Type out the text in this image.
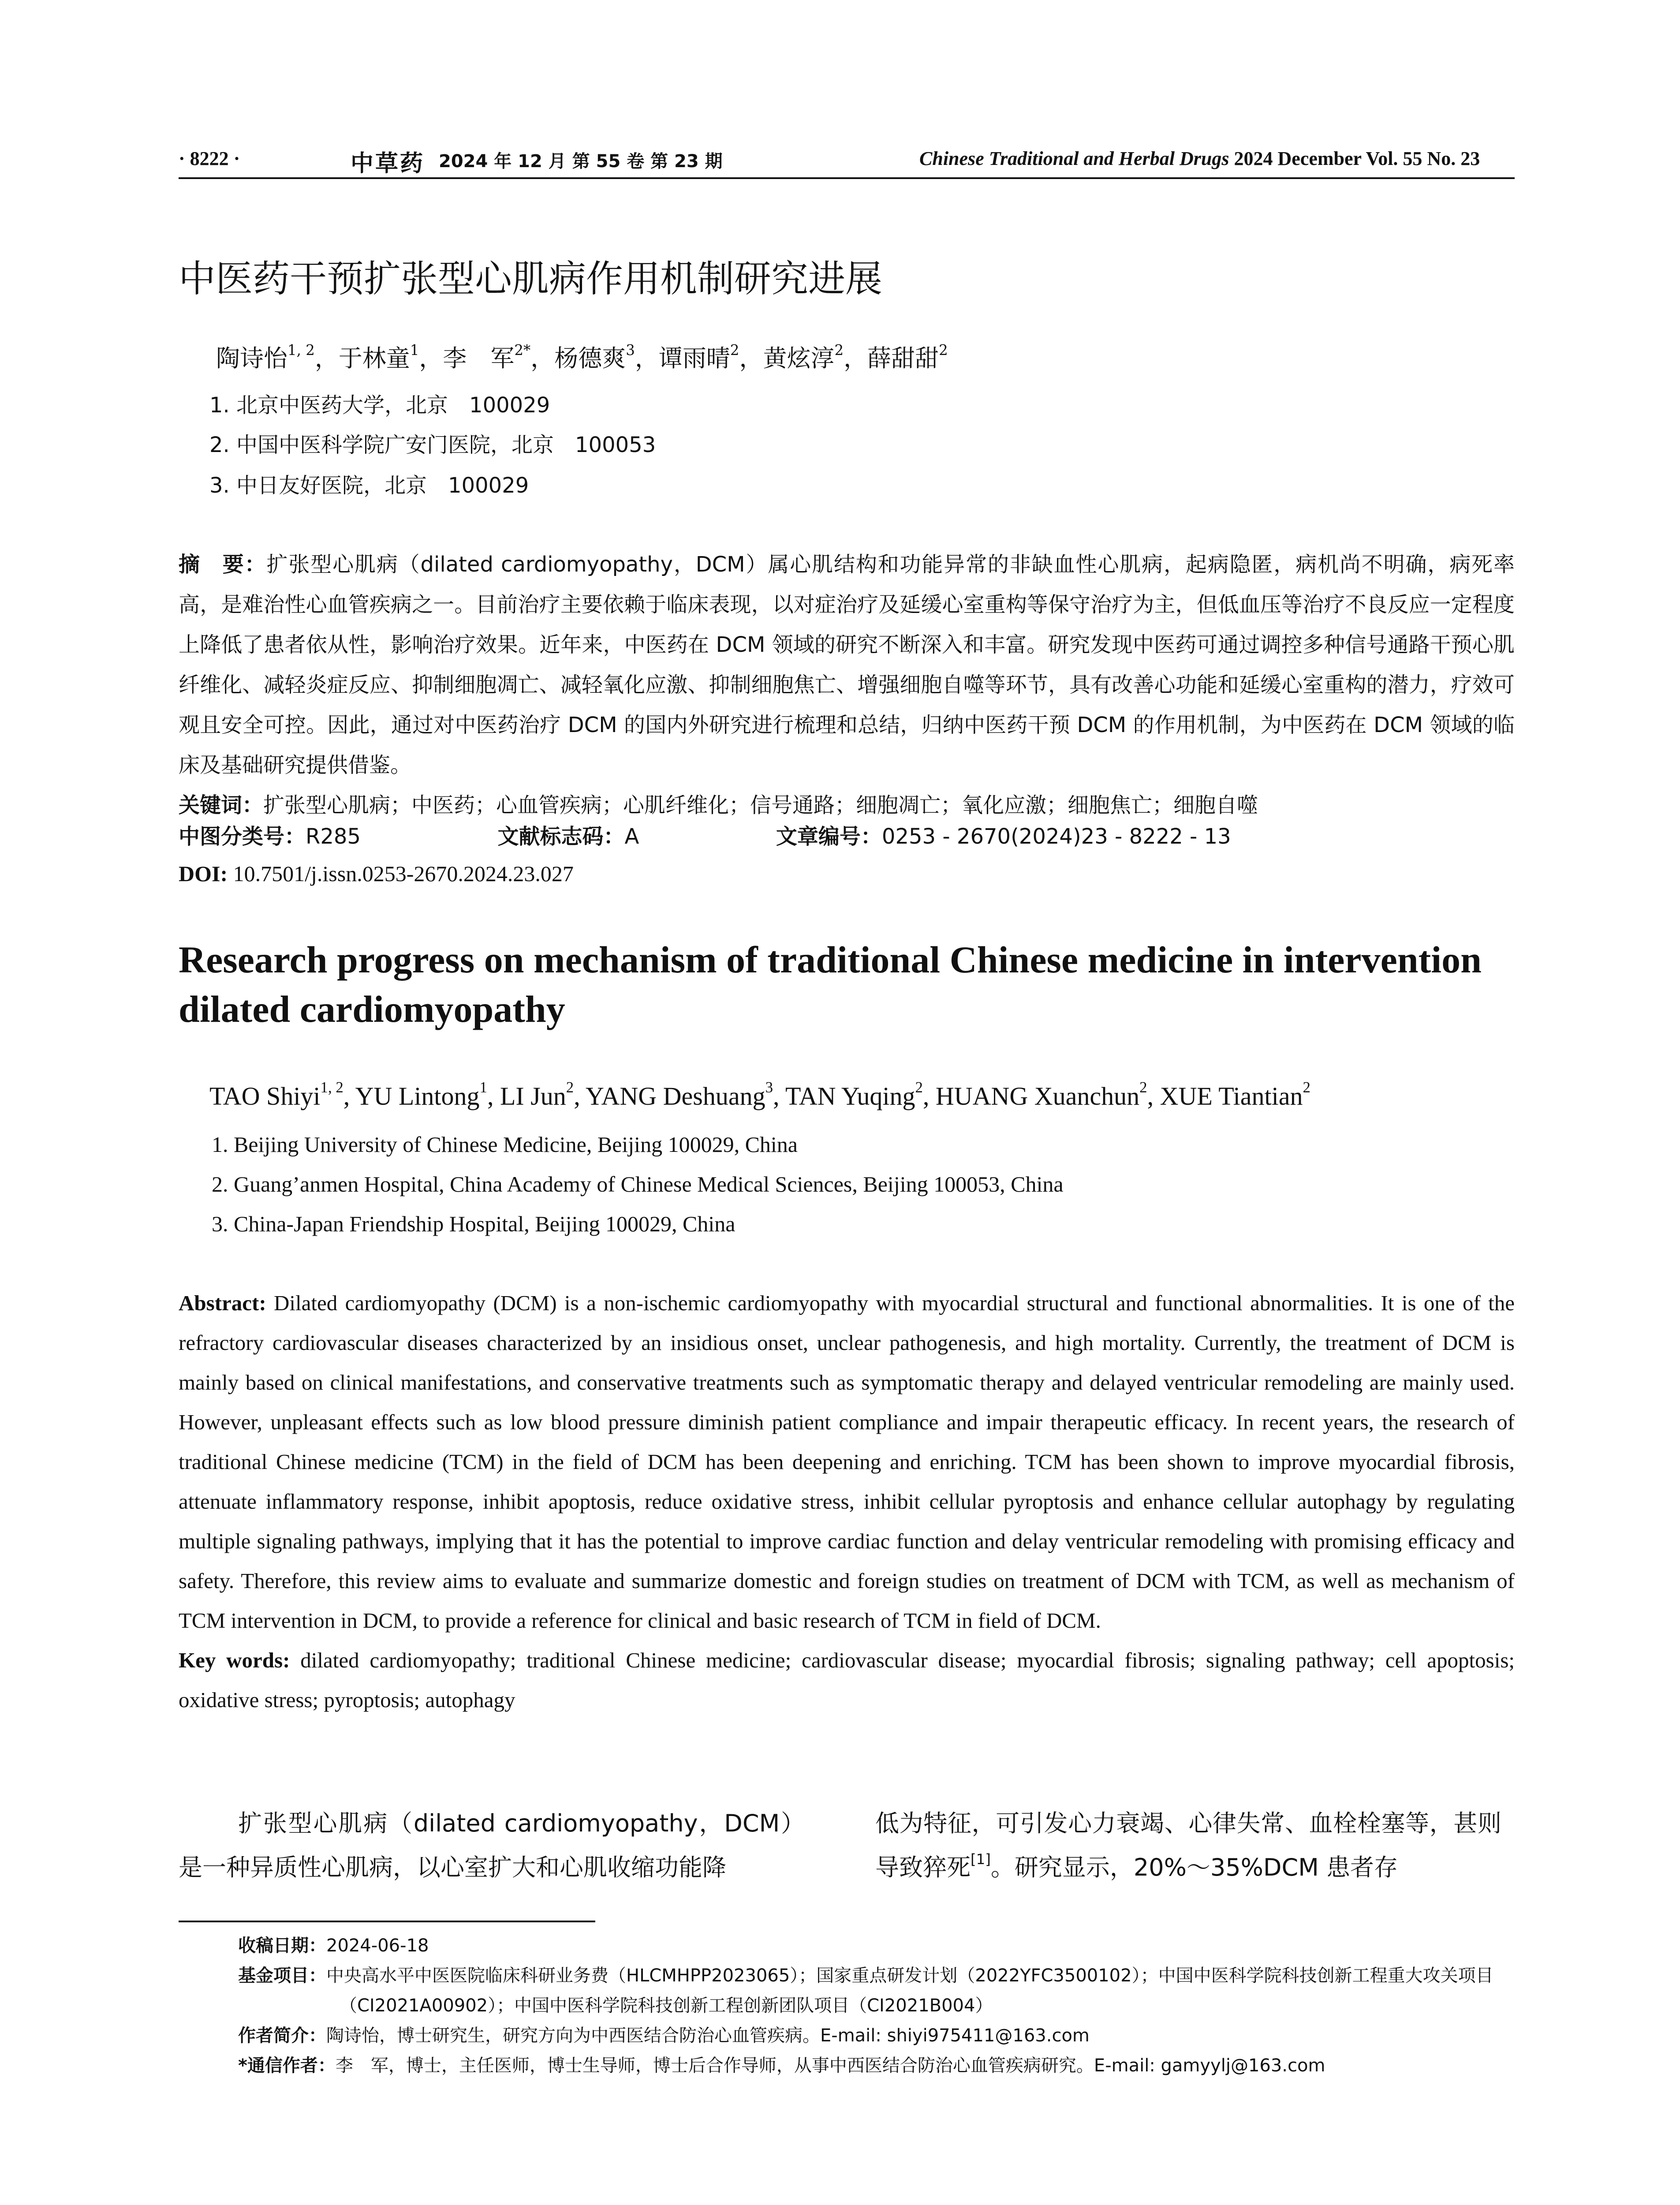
· 8222 ·	中草药 2024 年 12 月 第 55 卷 第 23 期	Chinese Traditional and Herbal Drugs 2024 December Vol. 55 No. 23
中医药干预扩张型心肌病作用机制研究进展
陶诗怡$^{1, 2}$，于林童$^1$，李　军$^{2*}$，杨德爽$^3$，谭雨晴$^2$，黄炫淳$^2$，薛甜甜$^2$
1. 北京中医药大学，北京　100029
2. 中国中医科学院广安门医院，北京　100053
3. 中日友好医院，北京　100029
摘　要：扩张型心肌病（dilated cardiomyopathy，DCM）属心肌结构和功能异常的非缺血性心肌病，起病隐匿，病机尚不明确，病死率高，是难治性心血管疾病之一。目前治疗主要依赖于临床表现，以对症治疗及延缓心室重构等保守治疗为主，但低血压等治疗不良反应一定程度上降低了患者依从性，影响治疗效果。近年来，中医药在 DCM 领域的研究不断深入和丰富。研究发现中医药可通过调控多种信号通路干预心肌纤维化、减轻炎症反应、抑制细胞凋亡、减轻氧化应激、抑制细胞焦亡、增强细胞自噬等环节，具有改善心功能和延缓心室重构的潜力，疗效可观且安全可控。因此，通过对中医药治疗 DCM 的国内外研究进行梳理和总结，归纳中医药干预 DCM 的作用机制，为中医药在 DCM 领域的临床及基础研究提供借鉴。
关键词：扩张型心肌病；中医药；心血管疾病；心肌纤维化；信号通路；细胞凋亡；氧化应激；细胞焦亡；细胞自噬
中图分类号：R285	文献标志码：A	文章编号：0253 - 2670(2024)23 - 8222 - 13
DOI: 10.7501/j.issn.0253-2670.2024.23.027
Research progress on mechanism of traditional Chinese medicine in intervention dilated cardiomyopathy
TAO Shiyi$^{1, 2}$, YU Lintong$^1$, LI Jun$^2$, YANG Deshuang$^3$, TAN Yuqing$^2$, HUANG Xuanchun$^2$, XUE Tiantian$^2$
1. Beijing University of Chinese Medicine, Beijing 100029, China
2. Guang’anmen Hospital, China Academy of Chinese Medical Sciences, Beijing 100053, China
3. China-Japan Friendship Hospital, Beijing 100029, China
Abstract: Dilated cardiomyopathy (DCM) is a non-ischemic cardiomyopathy with myocardial structural and functional abnormalities. It is one of the refractory cardiovascular diseases characterized by an insidious onset, unclear pathogenesis, and high mortality. Currently, the treatment of DCM is mainly based on clinical manifestations, and conservative treatments such as symptomatic therapy and delayed ventricular remodeling are mainly used. However, unpleasant effects such as low blood pressure diminish patient compliance and impair therapeutic efficacy. In recent years, the research of traditional Chinese medicine (TCM) in the field of DCM has been deepening and enriching. TCM has been shown to improve myocardial fibrosis, attenuate inflammatory response, inhibit apoptosis, reduce oxidative stress, inhibit cellular pyroptosis and enhance cellular autophagy by regulating multiple signaling pathways, implying that it has the potential to improve cardiac function and delay ventricular remodeling with promising efficacy and safety. Therefore, this review aims to evaluate and summarize domestic and foreign studies on treatment of DCM with TCM, as well as mechanism of TCM intervention in DCM, to provide a reference for clinical and basic research of TCM in field of DCM.
Key words: dilated cardiomyopathy; traditional Chinese medicine; cardiovascular disease; myocardial fibrosis; signaling pathway; cell apoptosis; oxidative stress; pyroptosis; autophagy
扩张型心肌病（dilated cardiomyopathy，DCM）是一种异质性心肌病，以心室扩大和心肌收缩功能降
低为特征，可引发心力衰竭、心律失常、血栓栓塞等，甚则导致猝死[1]。研究显示，20%～35%DCM 患者存
收稿日期：2024-06-18
基金项目：中央高水平中医医院临床科研业务费（HLCMHPP2023065）；国家重点研发计划（2022YFC3500102）；中国中医科学院科技创新工程重大攻关项目（CI2021A00902）；中国中医科学院科技创新工程创新团队项目（CI2021B004）
作者简介：陶诗怡，博士研究生，研究方向为中西医结合防治心血管疾病。E-mail: shiyi975411@163.com
*通信作者：李　军，博士，主任医师，博士生导师，博士后合作导师，从事中西医结合防治心血管疾病研究。E-mail: gamyylj@163.com
